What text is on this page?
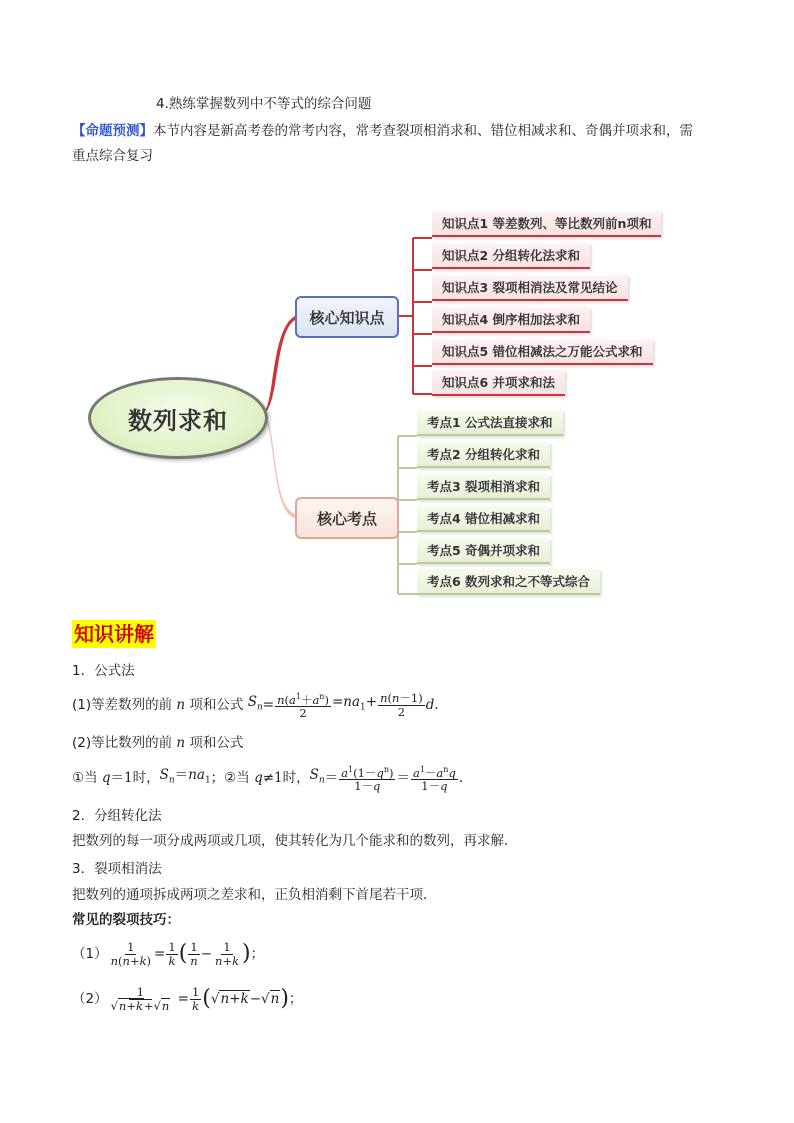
4.熟练掌握数列中不等式的综合问题
【命题预测】本节内容是新高考卷的常考内容，常考查裂项相消求和、错位相减求和、奇偶并项求和，需
重点综合复习
数列求和
核心知识点
核心考点
知识点1 等差数列、等比数列前n项和
知识点2 分组转化法求和
知识点3 裂项相消法及常见结论
知识点4 倒序相加法求和
知识点5 错位相减法之万能公式求和
知识点6 并项求和法
考点1 公式法直接求和
考点2 分组转化求和
考点3 裂项相消求和
考点4 错位相减求和
考点5 奇偶并项求和
考点6 数列求和之不等式综合
知识讲解
1．公式法
(1)等差数列的前 n 项和公式 $S_n = \frac{n(a^1+a^n)}{2} =na_1+ \frac{n(n-1)}{2} d$.
(2)等比数列的前 n 项和公式
①当 q ＝1 时， $S_n =na_1$ ；②当 q ≠1 时， $S_n = \frac{a^1(1-q^n)}{1-q} = \frac{a^1-a^nq}{1-q}$ .
2．分组转化法
把数列的每一项分成两项或几项，使其转化为几个能求和的数列，再求解．
3．裂项相消法
把数列的通项拆成两项之差求和，正负相消剩下首尾若干项．
常见的裂项技巧：
$(1) \frac{1}{n(n+k)} = \frac{1}{k}$ ( $\frac{1}{n} - \frac{1}{n+k}$ ) ；
$(2) \frac{1}{√n+k+√n} = \frac{1}{k}$ ( √n+k−√n ) ；
